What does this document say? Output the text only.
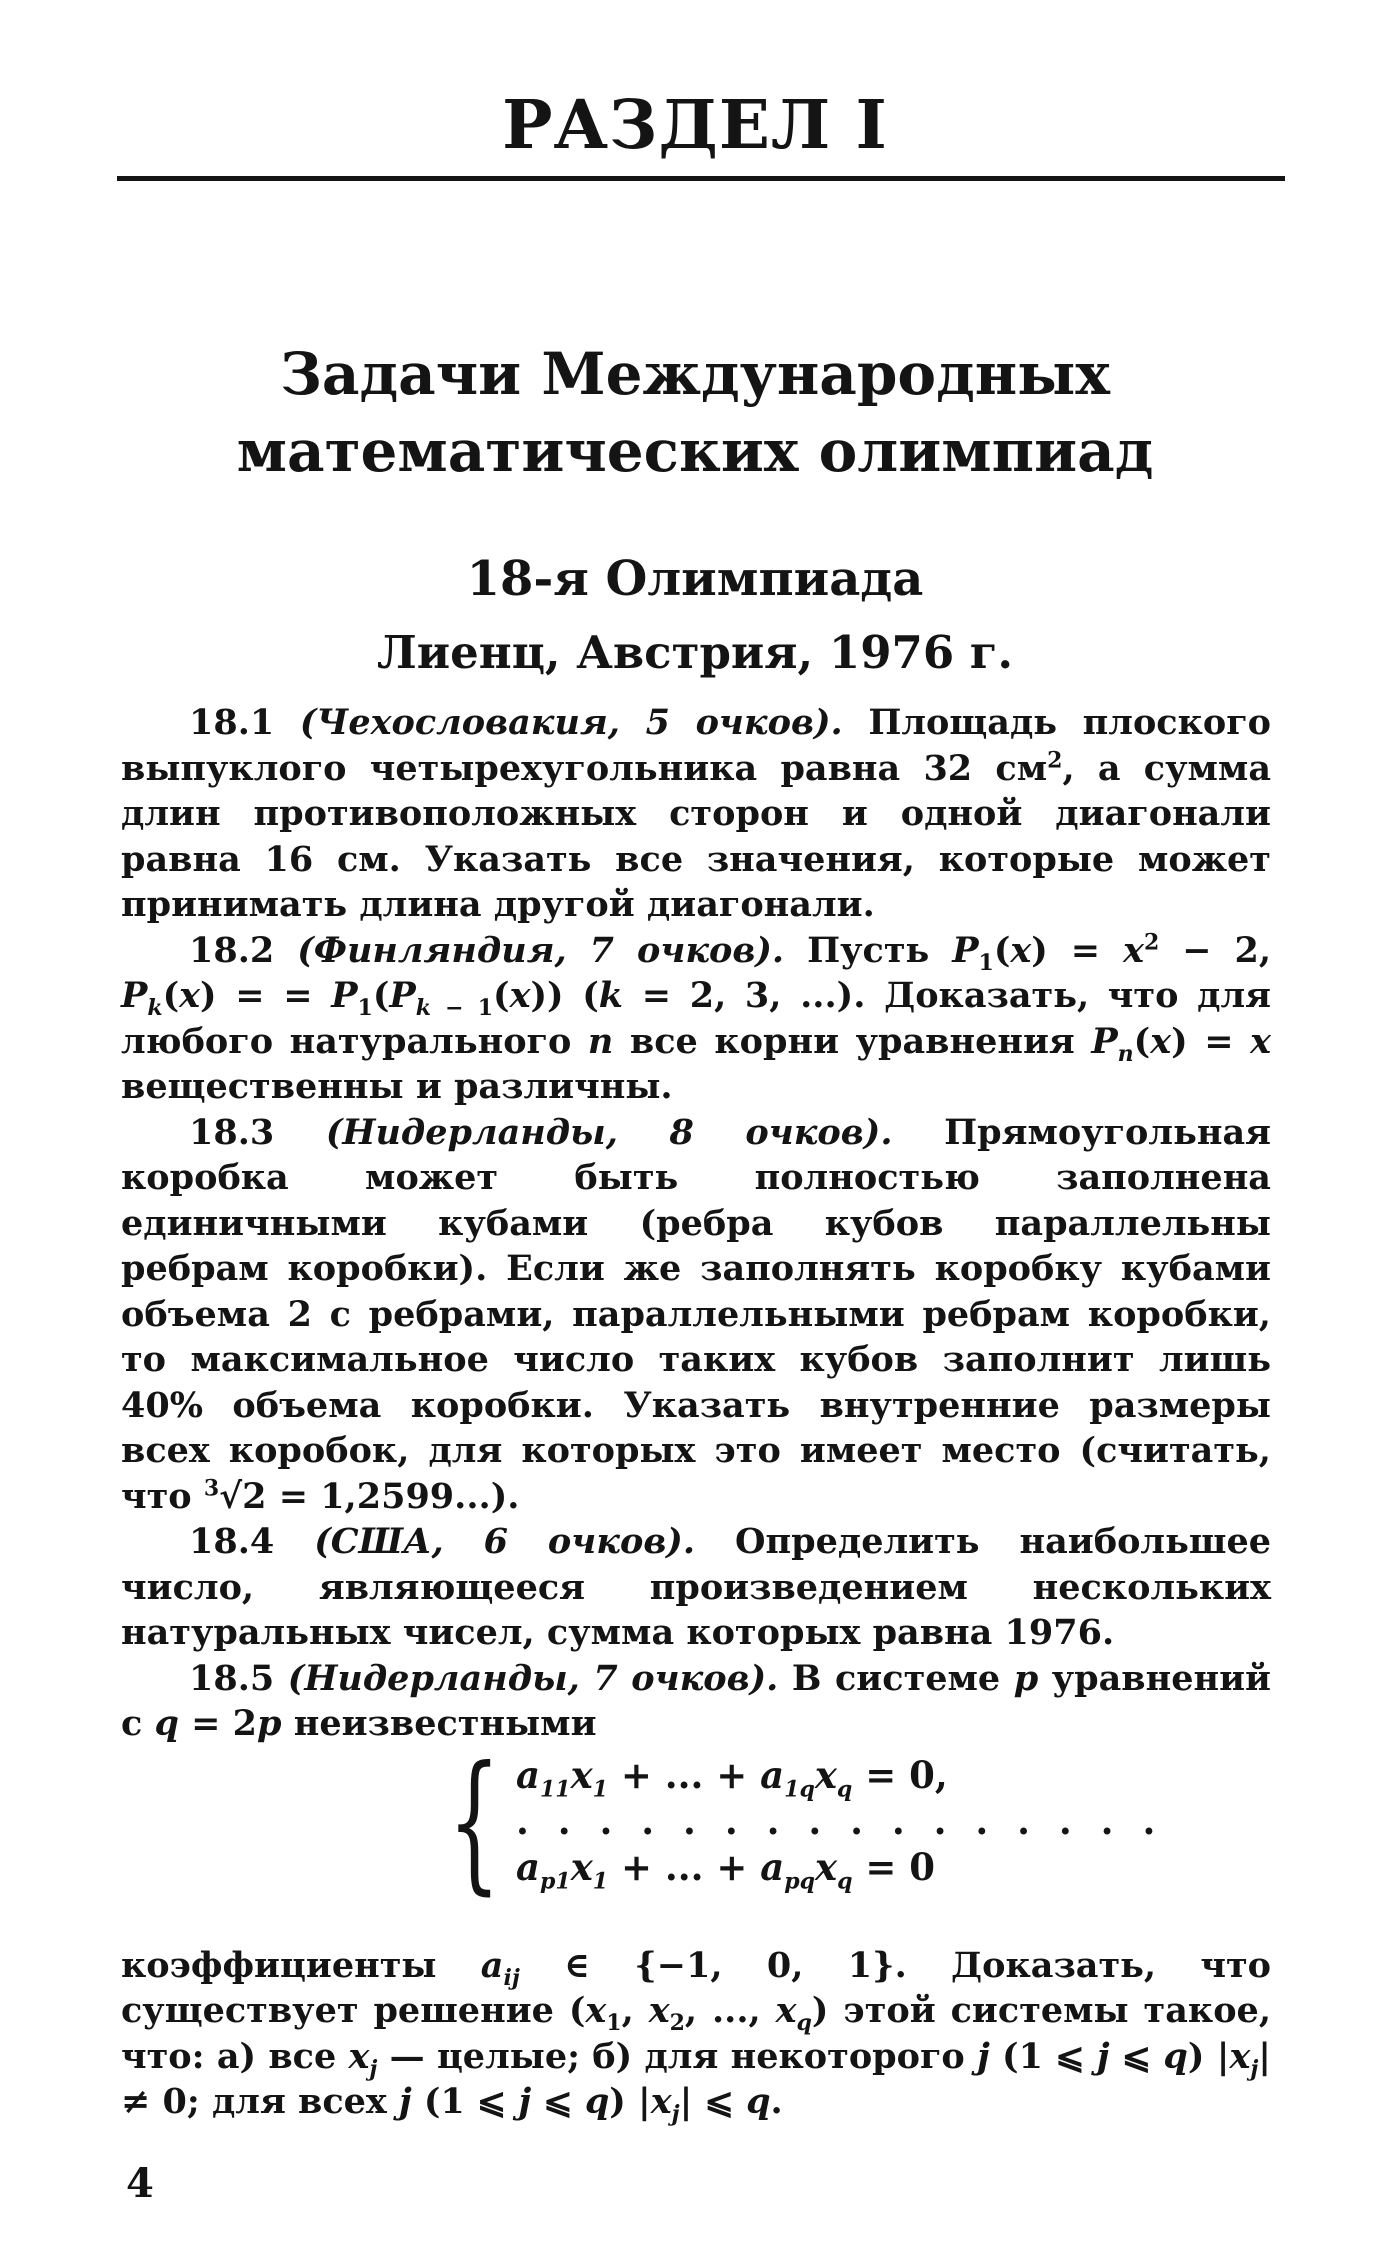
РАЗДЕЛ I
Задачи Международных
математических олимпиад
18-я Олимпиада
Лиенц, Австрия, 1976 г.

18.1 (Чехословакия, 5 очков). Площадь плоского выпуклого четырехугольника равна 32 $см^2$, а сумма длин противоположных сторон и одной диагонали равна 16 см. Указать все значения, которые может принимать длина другой диагонали.

18.2 (Финляндия, 7 очков). Пусть $P_1(x) = x^2 - 2$, $P_k(x)$ = = $P_1(P_{k - 1}(x)) (k = 2$, 3, ...). Доказать, что для любого натурального n все корни уравнения $P_n(x) = x$ вещественны и различны.

18.3 (Нидерланды, 8 очков). Прямоугольная коробка может быть полностью заполнена единичными кубами (ребра кубов параллельны ребрам коробки). Если же заполнять коробку кубами объема 2 с ребрами, параллельными ребрам коробки, то максимальное число таких кубов заполнит лишь 40% объема коробки. Указать внутренние размеры всех коробок, для которых это имеет место (считать, что $^3$√2 = 1,2599...).

18.4 (США, 6 очков). Определить наибольшее число, являющееся произведением нескольких натуральных чисел, сумма которых равна 1976.

18.5 (Нидерланды, 7 очков). В системе p уравнений с q = 2p неизвестными

{ $a_{11}x_1$ + ... + $a_{1q}x_q = 0$,
. . . . . . . . . . . . . . . .
$a_{p1}x_1$ + ... + $a_{pq}x_q = 0$

коэффициенты $a_{ij}$ ∈ {−1, 0, 1}. Доказать, что существует решение ($x_1$, $x_2$, ..., $x_q$) этой системы такое, что: а) все $x_j$ — целые; б) для некоторого j (1 ⩽ j ⩽ q) $|x_j| \ne 0$; для всех j (1 ⩽ j ⩽ q) $|x_j|$ ⩽ q.

4
